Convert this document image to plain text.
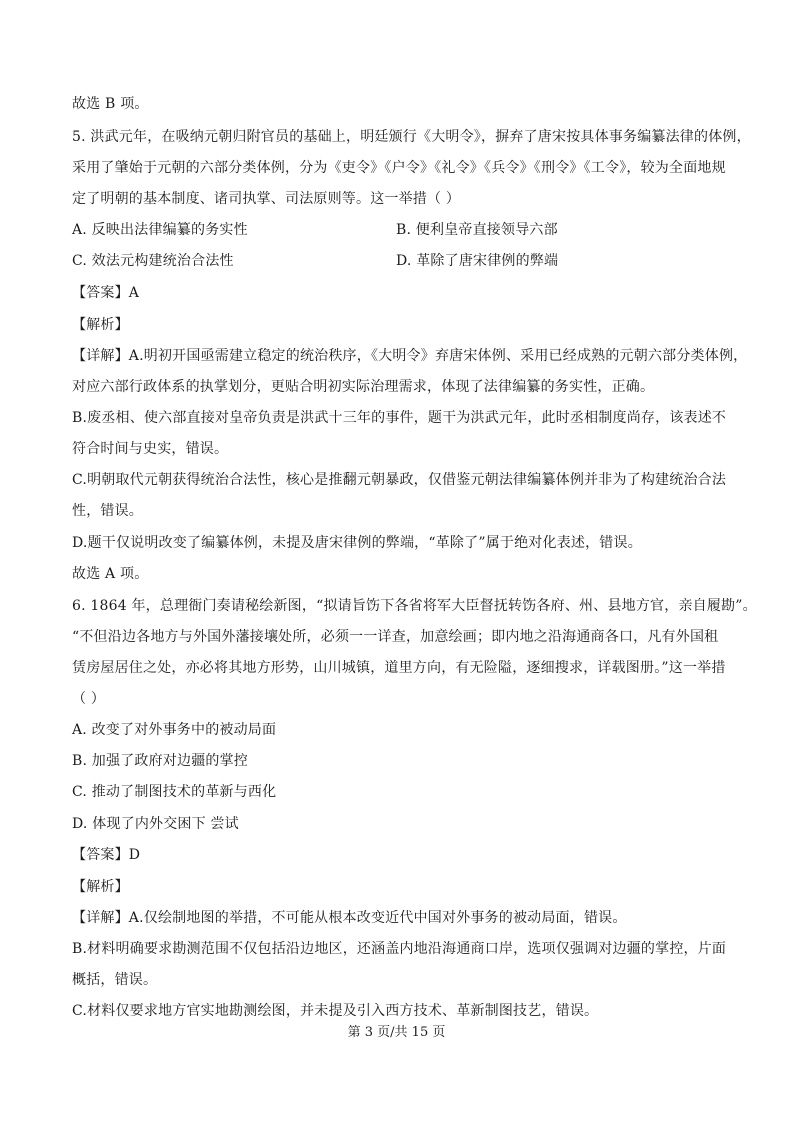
故选 B 项。
5. 洪武元年，在吸纳元朝归附官员的基础上，明廷颁行《大明令》，摒弃了唐宋按具体事务编纂法律的体例，
采用了肇始于元朝的六部分类体例，分为《吏令》《户令》《礼令》《兵令》《刑令》《工令》，较为全面地规
定了明朝的基本制度、诸司执掌、司法原则等。这一举措（ ）
A. 反映出法律编纂的务实性	B. 便利皇帝直接领导六部
C. 效法元构建统治合法性	D. 革除了唐宋律例的弊端
【答案】A
【解析】
【详解】A.明初开国亟需建立稳定的统治秩序，《大明令》弃唐宋体例、采用已经成熟的元朝六部分类体例，
对应六部行政体系的执掌划分，更贴合明初实际治理需求，体现了法律编纂的务实性，正确。
B.废丞相、使六部直接对皇帝负责是洪武十三年的事件，题干为洪武元年，此时丞相制度尚存，该表述不
符合时间与史实，错误。
C.明朝取代元朝获得统治合法性，核心是推翻元朝暴政，仅借鉴元朝法律编纂体例并非为了构建统治合法
性，错误。
D.题干仅说明改变了编纂体例，未提及唐宋律例的弊端，“革除了”属于绝对化表述，错误。
故选 A 项。
6. 1864 年，总理衙门奏请秘绘新图，“拟请旨饬下各省将军大臣督抚转饬各府、州、县地方官，亲自履勘”。
“不但沿边各地方与外国外藩接壤处所，必须一一详查，加意绘画；即内地之沿海通商各口，凡有外国租
赁房屋居住之处，亦必将其地方形势，山川城镇，道里方向，有无险隘，逐细搜求，详载图册。”这一举措
（ ）
A. 改变了对外事务中的被动局面
B. 加强了政府对边疆的掌控
C. 推动了制图技术的革新与西化
D. 体现了内外交困下 尝试
【答案】D
【解析】
【详解】A.仅绘制地图的举措，不可能从根本改变近代中国对外事务的被动局面，错误。
B.材料明确要求勘测范围不仅包括沿边地区，还涵盖内地沿海通商口岸，选项仅强调对边疆的掌控，片面
概括，错误。
C.材料仅要求地方官实地勘测绘图，并未提及引入西方技术、革新制图技艺，错误。
第 3 页/共 15 页
